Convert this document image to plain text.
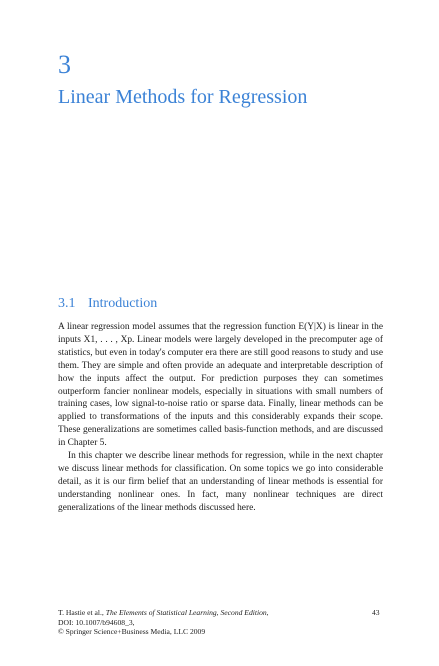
3
Linear Methods for Regression
3.1 Introduction

A linear regression model assumes that the regression function E(Y|X) is linear in the inputs X1, . . . , Xp. Linear models were largely developed in the precomputer age of statistics, but even in today's computer era there are still good reasons to study and use them. They are simple and often provide an adequate and interpretable description of how the inputs affect the output. For prediction purposes they can sometimes outperform fancier nonlinear models, especially in situations with small numbers of training cases, low signal-to-noise ratio or sparse data. Finally, linear methods can be applied to transformations of the inputs and this considerably expands their scope. These generalizations are sometimes called basis-function methods, and are discussed in Chapter 5.

In this chapter we describe linear methods for regression, while in the next chapter we discuss linear methods for classification. On some topics we go into considerable detail, as it is our firm belief that an understanding of linear methods is essential for understanding nonlinear ones. In fact, many nonlinear techniques are direct generalizations of the linear methods discussed here.

T. Hastie et al., The Elements of Statistical Learning, Second Edition,
DOI: 10.1007/b94608_3,
© Springer Science+Business Media, LLC 2009
43
